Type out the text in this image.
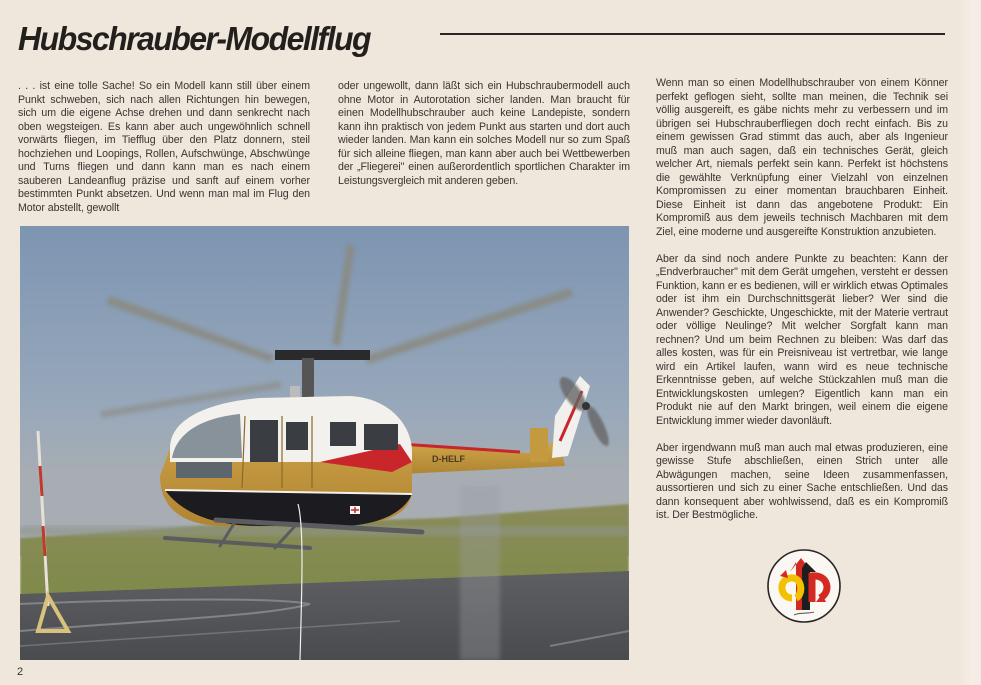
Hubschrauber-Modellflug

. . . ist eine tolle Sache! So ein Modell kann still über einem Punkt schweben, sich nach allen Richtungen hin bewegen, sich um die eigene Achse drehen und dann senkrecht nach oben wegsteigen. Es kann aber auch ungewöhnlich schnell vorwärts fliegen, im Tiefflug über den Platz donnern, steil hochziehen und Loopings, Rollen, Aufschwünge, Abschwünge und Turns fliegen und dann kann man es nach einem sauberen Landeanflug präzise und sanft auf einem vorher bestimmten Punkt absetzen. Und wenn man mal im Flug den Motor abstellt, gewollt

oder ungewollt, dann läßt sich ein Hubschraubermodell auch ohne Motor in Autorotation sicher landen. Man braucht für einen Modellhubschrauber auch keine Landepiste, sondern kann ihn praktisch von jedem Punkt aus starten und dort auch wieder landen. Man kann ein solches Modell nur so zum Spaß für sich alleine fliegen, man kann aber auch bei Wettbewerben der „Fliegerei" einen außerordentlich sportlichen Charakter im Leistungsvergleich mit anderen geben.

Wenn man so einen Modellhubschrauber von einem Könner perfekt geflogen sieht, sollte man meinen, die Technik sei völlig ausgereift, es gäbe nichts mehr zu verbessern und im übrigen sei Hubschrauberfliegen doch recht einfach. Bis zu einem gewissen Grad stimmt das auch, aber als Ingenieur muß man auch sagen, daß ein technisches Gerät, gleich welcher Art, niemals perfekt sein kann. Perfekt ist höchstens die gewählte Verknüpfung einer Vielzahl von einzelnen Kompromissen zu einer momentan brauchbaren Einheit. Diese Einheit ist dann das angebotene Produkt: Ein Kompromiß aus dem jeweils technisch Machbaren mit dem Ziel, eine moderne und ausgereifte Konstruktion anzubieten.

Aber da sind noch andere Punkte zu beachten: Kann der „Endverbraucher" mit dem Gerät umgehen, versteht er dessen Funktion, kann er es bedienen, will er wirklich etwas Optimales oder ist ihm ein Durchschnittsgerät lieber? Wer sind die Anwender? Geschickte, Ungeschickte, mit der Materie vertraut oder völlige Neulinge? Mit welcher Sorgfalt kann man rechnen? Und um beim Rechnen zu bleiben: Was darf das alles kosten, was für ein Preisniveau ist vertretbar, wie lange wird ein Artikel laufen, wann wird es neue technische Erkenntnisse geben, auf welche Stückzahlen muß man die Entwicklungskosten umlegen? Eigentlich kann man ein Produkt nie auf den Markt bringen, weil einem die eigene Entwicklung immer wieder davonläuft.

Aber irgendwann muß man auch mal etwas produzieren, eine gewisse Stufe abschließen, einen Strich unter alle Abwägungen machen, seine Ideen zusammenfassen, aussortieren und sich zu einer Sache entschließen. Und das dann konsequent aber wohlwissend, daß es ein Kompromiß ist. Der Bestmögliche.

D-HELF
2
